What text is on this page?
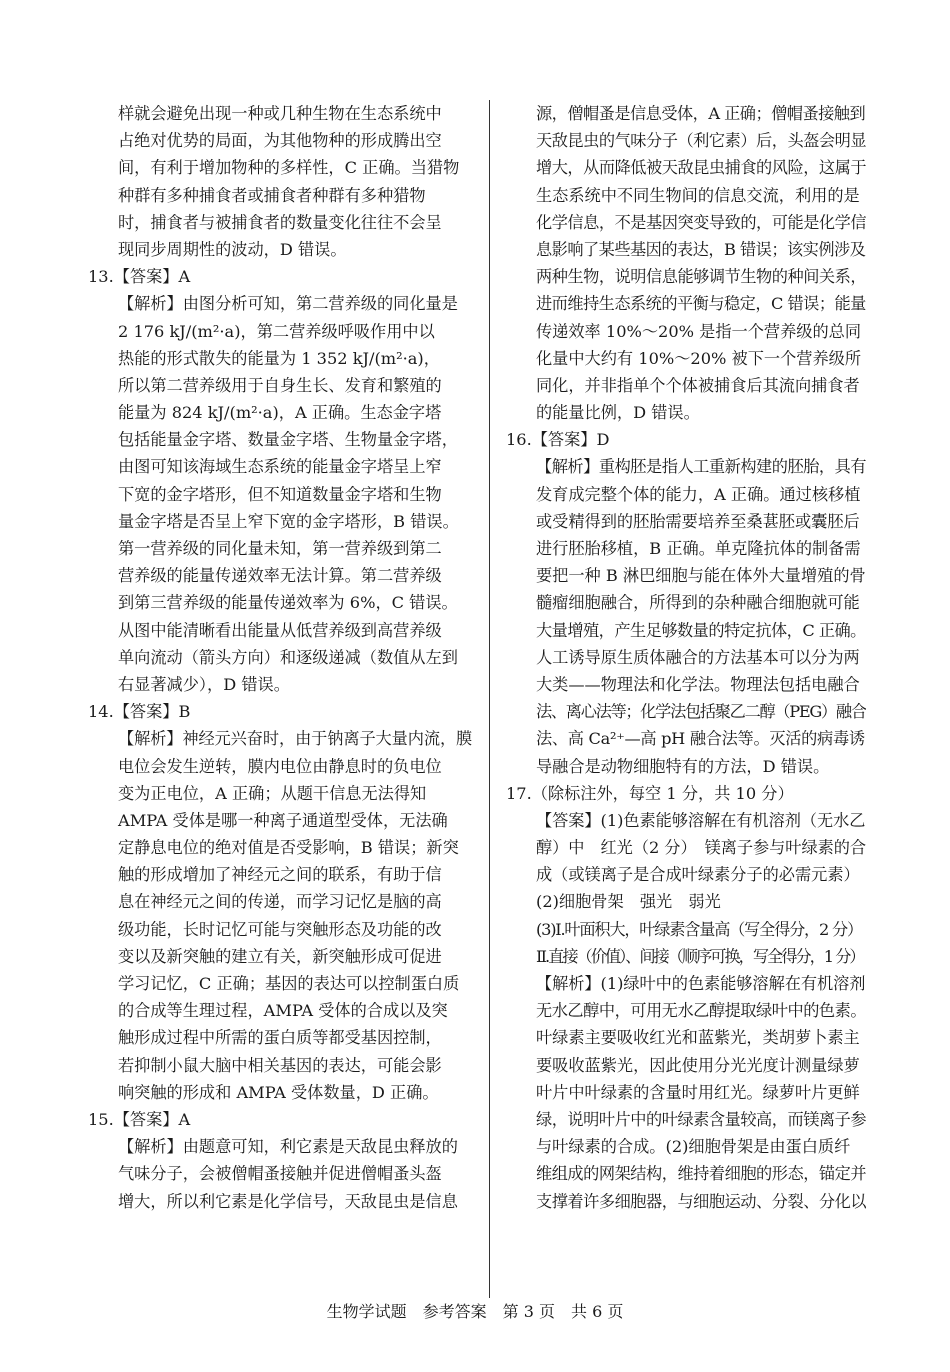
样就会避免出现一种或几种生物在生态系统中
占绝对优势的局面，为其他物种的形成腾出空
间，有利于增加物种的多样性，C 正确。当猎物
种群有多种捕食者或捕食者种群有多种猎物
时，捕食者与被捕食者的数量变化往往不会呈
现同步周期性的波动，D 错误。
13.【答案】A
【解析】由图分析可知，第二营养级的同化量是
2 176 kJ/(m²·a)，第二营养级呼吸作用中以
热能的形式散失的能量为 1 352 kJ/(m²·a)，
所以第二营养级用于自身生长、发育和繁殖的
能量为 824 kJ/(m²·a)，A 正确。生态金字塔
包括能量金字塔、数量金字塔、生物量金字塔，
由图可知该海域生态系统的能量金字塔呈上窄
下宽的金字塔形，但不知道数量金字塔和生物
量金字塔是否呈上窄下宽的金字塔形，B 错误。
第一营养级的同化量未知，第一营养级到第二
营养级的能量传递效率无法计算。第二营养级
到第三营养级的能量传递效率为 6%，C 错误。
从图中能清晰看出能量从低营养级到高营养级
单向流动（箭头方向）和逐级递减（数值从左到
右显著减少），D 错误。
14.【答案】B
【解析】神经元兴奋时，由于钠离子大量内流，膜
电位会发生逆转，膜内电位由静息时的负电位
变为正电位，A 正确；从题干信息无法得知
AMPA 受体是哪一种离子通道型受体，无法确
定静息电位的绝对值是否受影响，B 错误；新突
触的形成增加了神经元之间的联系，有助于信
息在神经元之间的传递，而学习记忆是脑的高
级功能，长时记忆可能与突触形态及功能的改
变以及新突触的建立有关，新突触形成可促进
学习记忆，C 正确；基因的表达可以控制蛋白质
的合成等生理过程，AMPA 受体的合成以及突
触形成过程中所需的蛋白质等都受基因控制，
若抑制小鼠大脑中相关基因的表达，可能会影
响突触的形成和 AMPA 受体数量，D 正确。
15.【答案】A
【解析】由题意可知，利它素是天敌昆虫释放的
气味分子，会被僧帽蚤接触并促进僧帽蚤头盔
增大，所以利它素是化学信号，天敌昆虫是信息
源，僧帽蚤是信息受体，A 正确；僧帽蚤接触到
天敌昆虫的气味分子（利它素）后，头盔会明显
增大，从而降低被天敌昆虫捕食的风险，这属于
生态系统中不同生物间的信息交流，利用的是
化学信息，不是基因突变导致的，可能是化学信
息影响了某些基因的表达，B 错误；该实例涉及
两种生物，说明信息能够调节生物的种间关系，
进而维持生态系统的平衡与稳定，C 错误；能量
传递效率 10%～20% 是指一个营养级的总同
化量中大约有 10%～20% 被下一个营养级所
同化，并非指单个个体被捕食后其流向捕食者
的能量比例，D 错误。
16.【答案】D
【解析】重构胚是指人工重新构建的胚胎，具有
发育成完整个体的能力，A 正确。通过核移植
或受精得到的胚胎需要培养至桑葚胚或囊胚后
进行胚胎移植，B 正确。单克隆抗体的制备需
要把一种 B 淋巴细胞与能在体外大量增殖的骨
髓瘤细胞融合，所得到的杂种融合细胞就可能
大量增殖，产生足够数量的特定抗体，C 正确。
人工诱导原生质体融合的方法基本可以分为两
大类——物理法和化学法。物理法包括电融合
法、离心法等；化学法包括聚乙二醇（PEG）融合
法、高 Ca²⁺—高 pH 融合法等。灭活的病毒诱
导融合是动物细胞特有的方法，D 错误。
17.（除标注外，每空 1 分，共 10 分）
【答案】(1)色素能够溶解在有机溶剂（无水乙
醇）中　红光（2 分）　镁离子参与叶绿素的合
成（或镁离子是合成叶绿素分子的必需元素）
(2)细胞骨架　强光　弱光
(3)Ⅰ.叶面积大，叶绿素含量高（写全得分，2 分）
Ⅱ.直接（价值）、间接（顺序可换，写全得分，1 分）
【解析】(1)绿叶中的色素能够溶解在有机溶剂
无水乙醇中，可用无水乙醇提取绿叶中的色素。
叶绿素主要吸收红光和蓝紫光，类胡萝卜素主
要吸收蓝紫光，因此使用分光光度计测量绿萝
叶片中叶绿素的含量时用红光。绿萝叶片更鲜
绿，说明叶片中的叶绿素含量较高，而镁离子参
与叶绿素的合成。(2)细胞骨架是由蛋白质纤
维组成的网架结构，维持着细胞的形态，锚定并
支撑着许多细胞器，与细胞运动、分裂、分化以
生物学试题　参考答案　第 3 页　共 6 页
